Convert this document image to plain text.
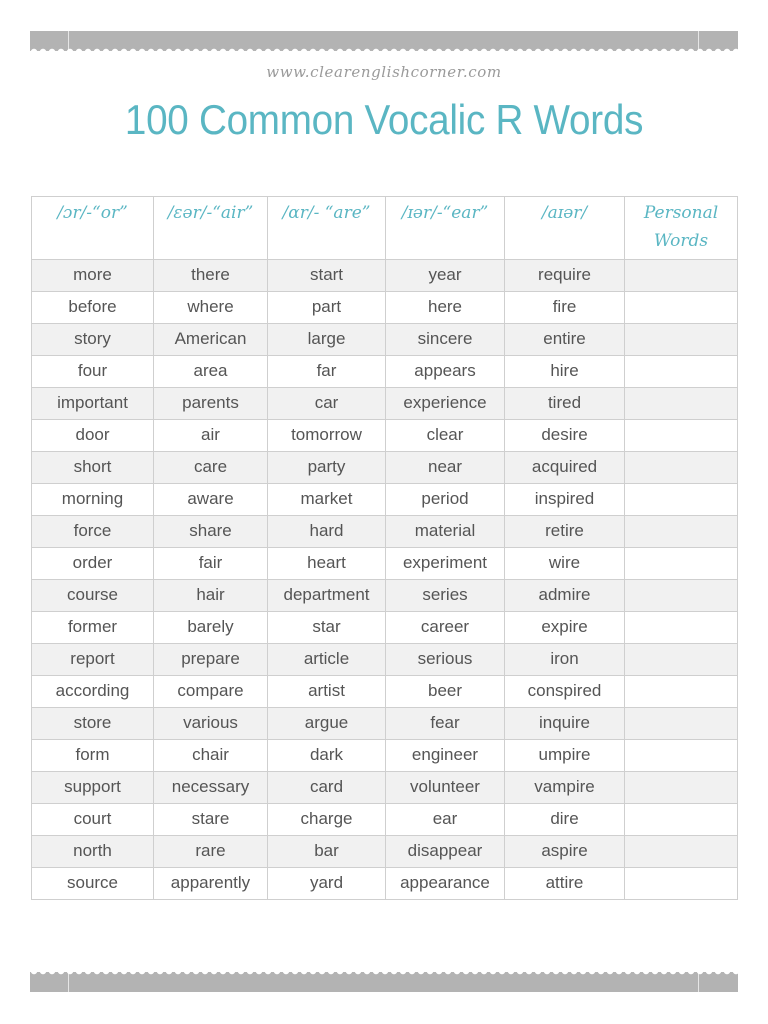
www.clearenglishcorner.com
100 Common Vocalic R Words
/ɔr/-“or”	/ɛər/-“air”	/ɑr/- “are”	/ɪər/-“ear”	/aɪər/	Personal Words
more	there	start	year	require	
before	where	part	here	fire	
story	American	large	sincere	entire	
four	area	far	appears	hire	
important	parents	car	experience	tired	
door	air	tomorrow	clear	desire	
short	care	party	near	acquired	
morning	aware	market	period	inspired	
force	share	hard	material	retire	
order	fair	heart	experiment	wire	
course	hair	department	series	admire	
former	barely	star	career	expire	
report	prepare	article	serious	iron	
according	compare	artist	beer	conspired	
store	various	argue	fear	inquire	
form	chair	dark	engineer	umpire	
support	necessary	card	volunteer	vampire	
court	stare	charge	ear	dire	
north	rare	bar	disappear	aspire	
source	apparently	yard	appearance	attire	
